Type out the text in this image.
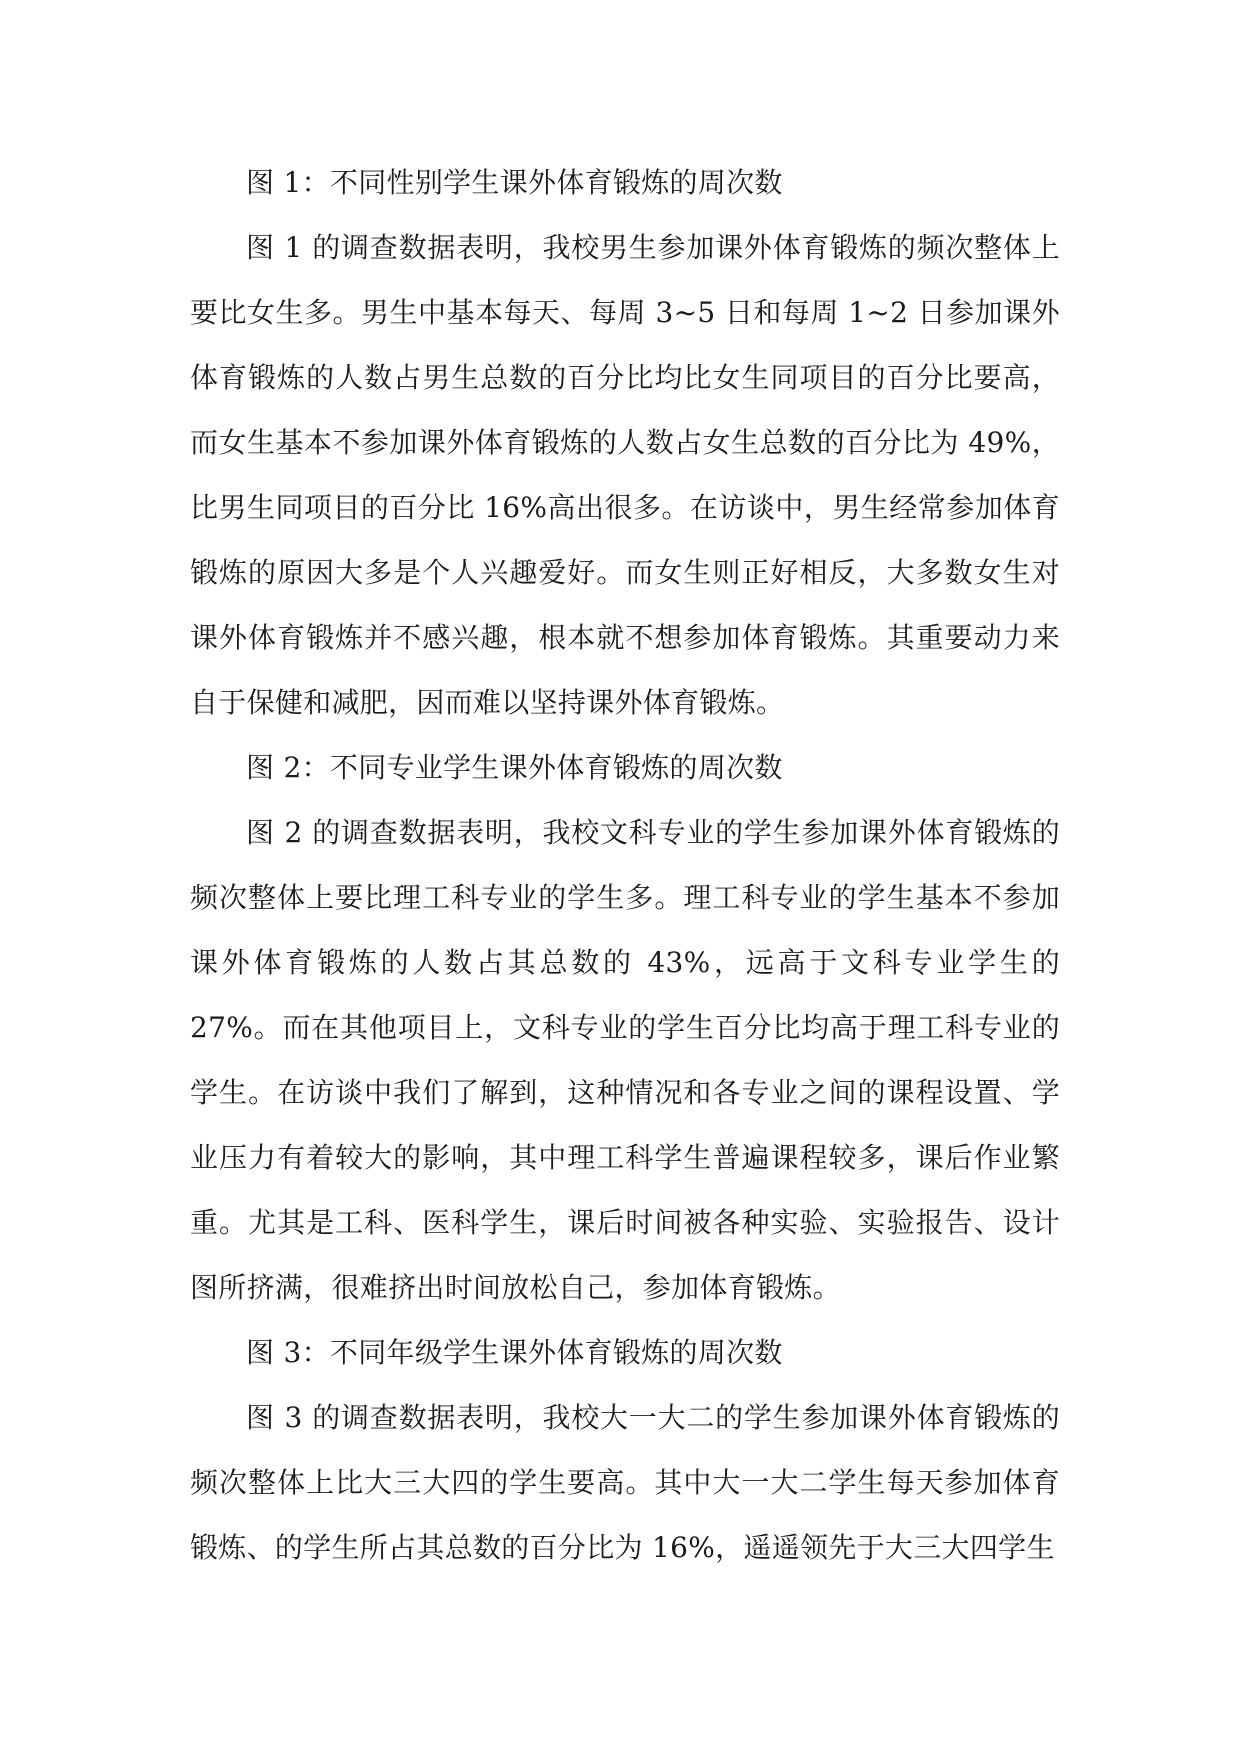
图 1：不同性别学生课外体育锻炼的周次数

图 1 的调查数据表明，我校男生参加课外体育锻炼的频次整体上要比女生多。男生中基本每天、每周 3~5 日和每周 1~2 日参加课外体育锻炼的人数占男生总数的百分比均比女生同项目的百分比要高，而女生基本不参加课外体育锻炼的人数占女生总数的百分比为 49%，比男生同项目的百分比 16%高出很多。在访谈中，男生经常参加体育锻炼的原因大多是个人兴趣爱好。而女生则正好相反，大多数女生对课外体育锻炼并不感兴趣，根本就不想参加体育锻炼。其重要动力来自于保健和减肥，因而难以坚持课外体育锻炼。

图 2：不同专业学生课外体育锻炼的周次数

图 2 的调查数据表明，我校文科专业的学生参加课外体育锻炼的频次整体上要比理工科专业的学生多。理工科专业的学生基本不参加课外体育锻炼的人数占其总数的 43%，远高于文科专业学生的 27%。而在其他项目上，文科专业的学生百分比均高于理工科专业的学生。在访谈中我们了解到，这种情况和各专业之间的课程设置、学业压力有着较大的影响，其中理工科学生普遍课程较多，课后作业繁重。尤其是工科、医科学生，课后时间被各种实验、实验报告、设计图所挤满，很难挤出时间放松自己，参加体育锻炼。

图 3：不同年级学生课外体育锻炼的周次数

图 3 的调查数据表明，我校大一大二的学生参加课外体育锻炼的频次整体上比大三大四的学生要高。其中大一大二学生每天参加体育锻炼、的学生所占其总数的百分比为 16%，遥遥领先于大三大四学生
